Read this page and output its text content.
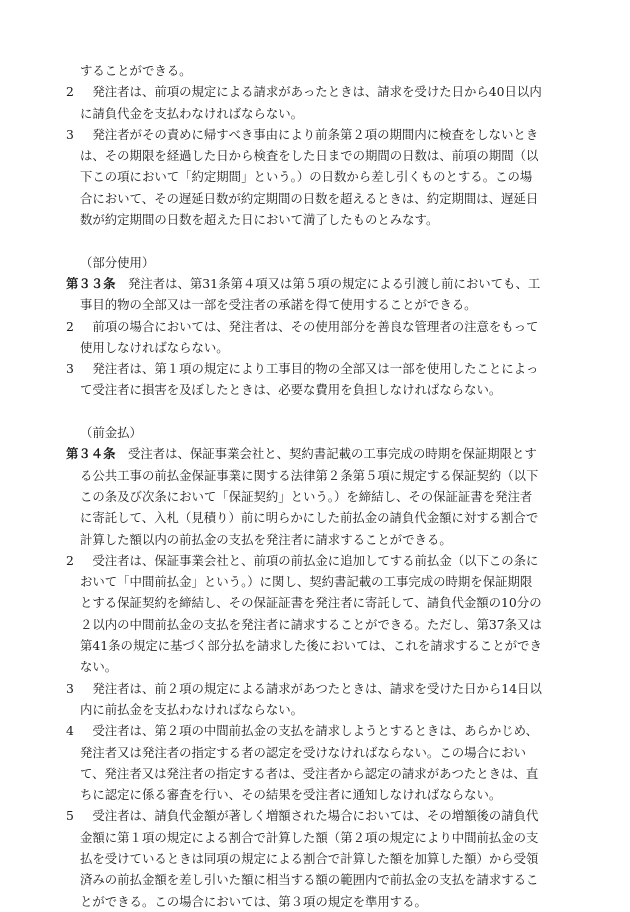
することができる。
2 　発注者は、前項の規定による請求があったときは、請求を受けた日から40日以内
に請負代金を支払わなければならない。
3 　発注者がその責めに帰すべき事由により前条第２項の期間内に検査をしないとき
は、その期限を経過した日から検査をした日までの期間の日数は、前項の期間（以
下この項において「約定期間」という。）の日数から差し引くものとする。この場
合において、その遅延日数が約定期間の日数を超えるときは、約定期間は、遅延日
数が約定期間の日数を超えた日において満了したものとみなす。
（部分使用）
第３３条　発注者は、第31条第４項又は第５項の規定による引渡し前においても、工
事目的物の全部又は一部を受注者の承諾を得て使用することができる。
2 　前項の場合においては、発注者は、その使用部分を善良な管理者の注意をもって
使用しなければならない。
3 　発注者は、第１項の規定により工事目的物の全部又は一部を使用したことによっ
て受注者に損害を及ぼしたときは、必要な費用を負担しなければならない。
（前金払）
第３４条　受注者は、保証事業会社と、契約書記載の工事完成の時期を保証期限とす
る公共工事の前払金保証事業に関する法律第２条第５項に規定する保証契約（以下
この条及び次条において「保証契約」という。）を締結し、その保証証書を発注者
に寄託して、入札（見積り）前に明らかにした前払金の請負代金額に対する割合で
計算した額以内の前払金の支払を発注者に請求することができる。
2 　受注者は、保証事業会社と、前項の前払金に追加してする前払金（以下この条に
おいて「中間前払金」という。）に関し、契約書記載の工事完成の時期を保証期限
とする保証契約を締結し、その保証証書を発注者に寄託して、請負代金額の10分の
２以内の中間前払金の支払を発注者に請求することができる。ただし、第37条又は
第41条の規定に基づく部分払を請求した後においては、これを請求することができ
ない。
3 　発注者は、前２項の規定による請求があつたときは、請求を受けた日から14日以
内に前払金を支払わなければならない。
4 　受注者は、第２項の中間前払金の支払を請求しようとするときは、あらかじめ、
発注者又は発注者の指定する者の認定を受けなければならない。この場合におい
て、発注者又は発注者の指定する者は、受注者から認定の請求があつたときは、直
ちに認定に係る審査を行い、その結果を受注者に通知しなければならない。
5 　受注者は、請負代金額が著しく増額された場合においては、その増額後の請負代
金額に第１項の規定による割合で計算した額（第２項の規定により中間前払金の支
払を受けているときは同項の規定による割合で計算した額を加算した額）から受領
済みの前払金額を差し引いた額に相当する額の範囲内で前払金の支払を請求するこ
とができる。この場合においては、第３項の規定を準用する。
